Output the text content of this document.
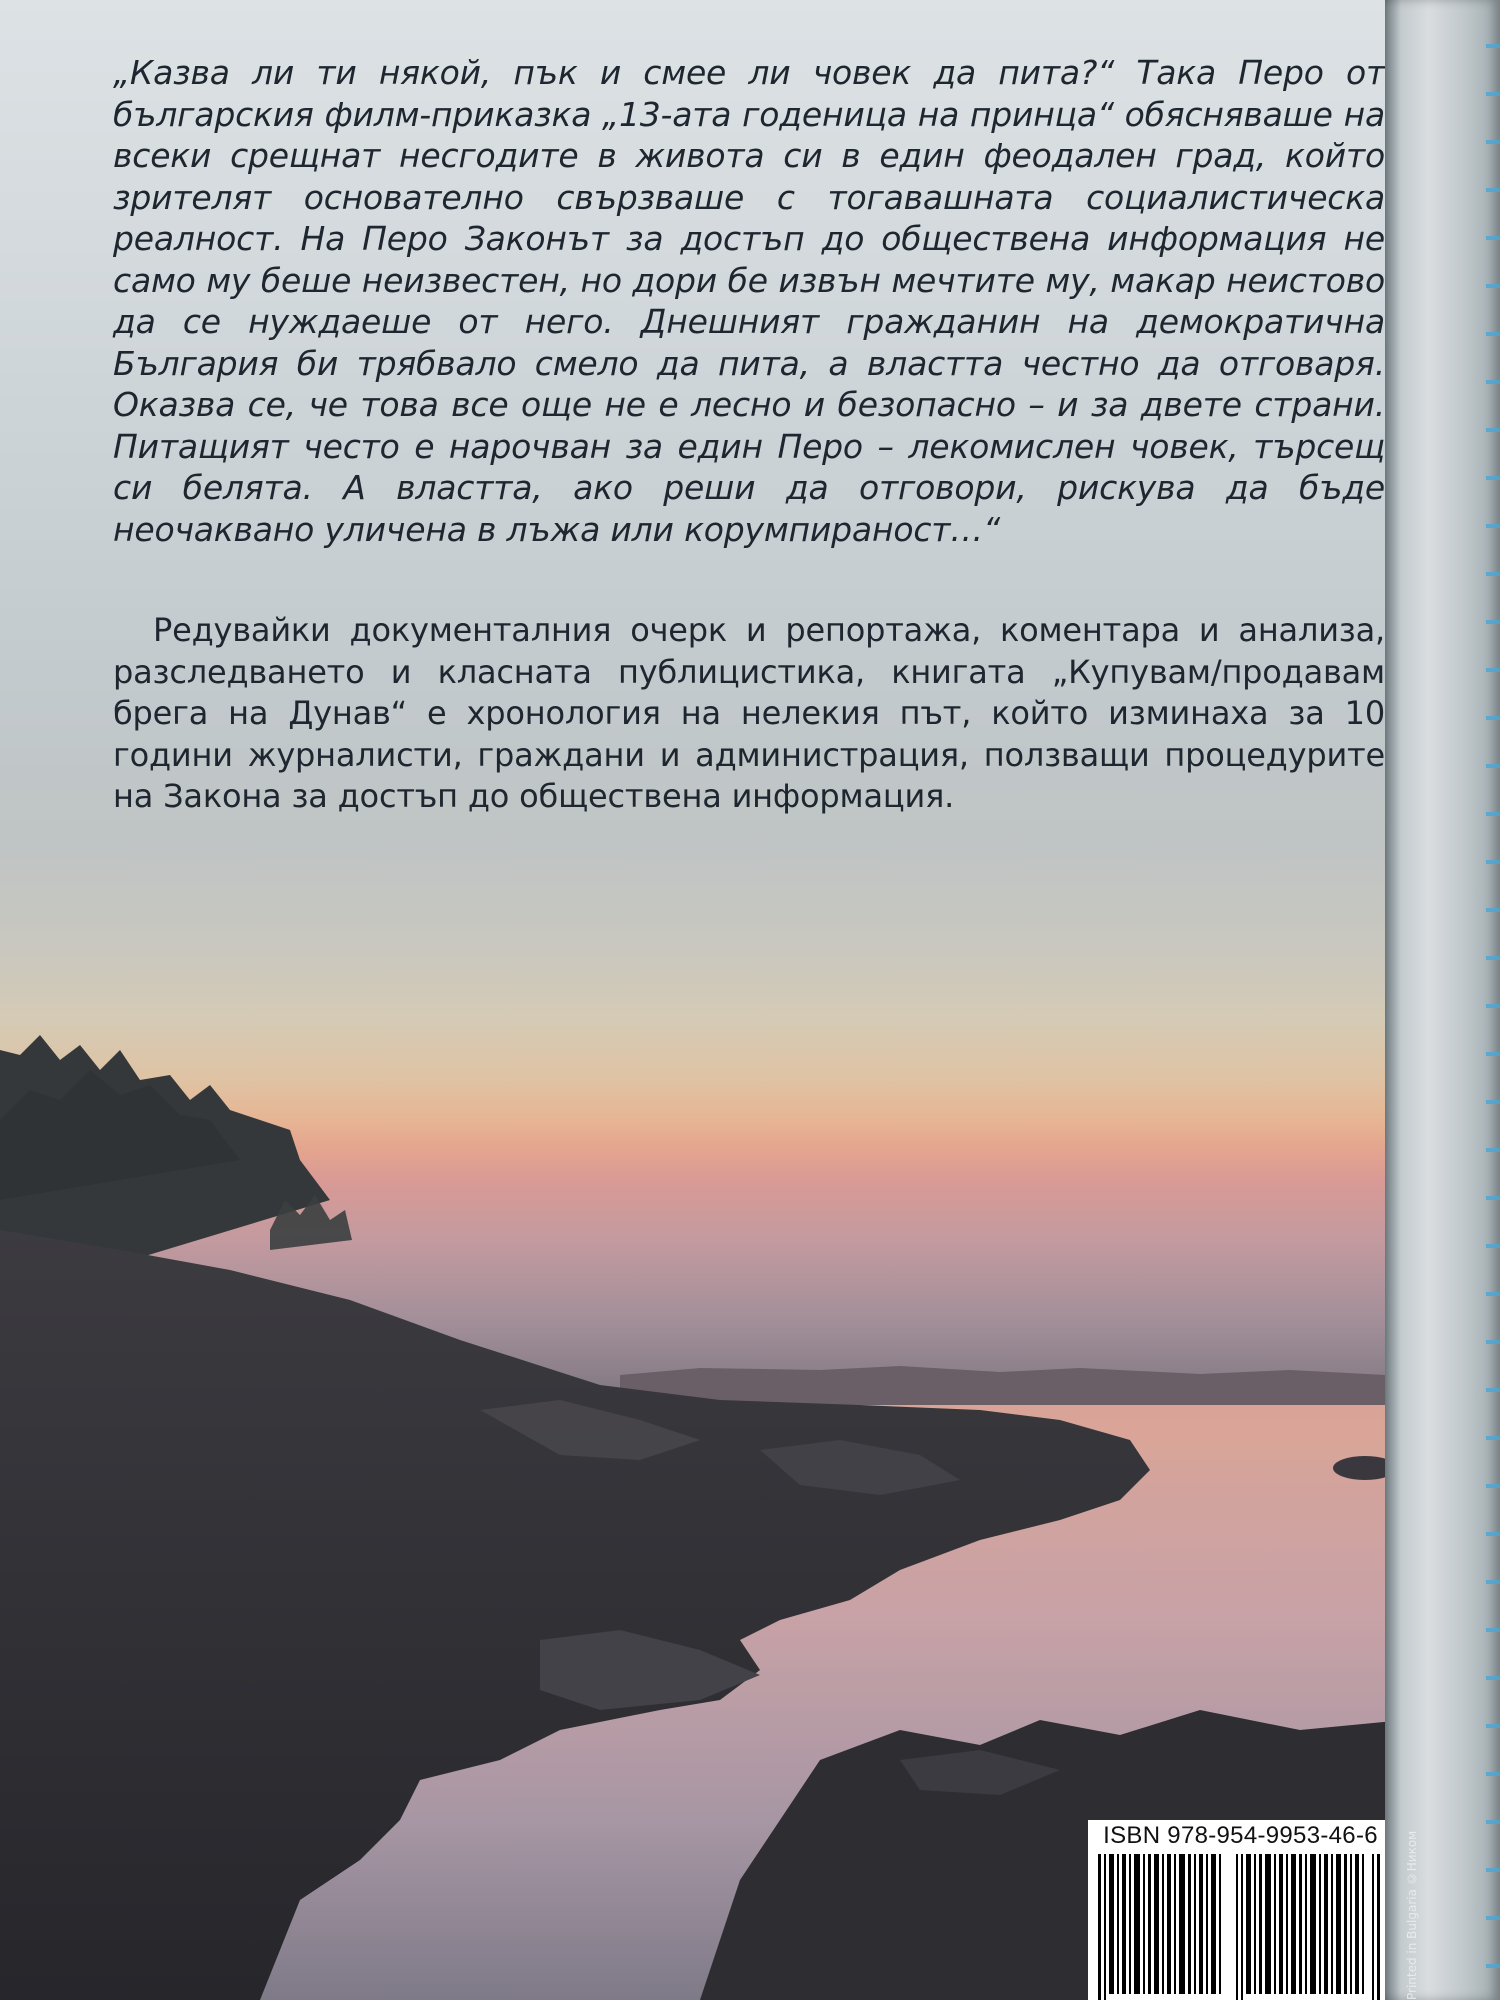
„Казва ли ти някой, пък и смее ли човек да пита?“ Така Перо от българския филм-приказка „13-ата годеница на принца“ обясняваше на всеки срещнат несгодите в живота си в един феодален град, който зрителят основателно свързваше с тогавашната социалистическа реалност. На Перо Законът за достъп до обществена информация не само му беше неизвестен, но дори бе извън мечтите му, макар неистово да се нуждаеше от него. Днешният гражданин на демократична България би трябвало смело да пита, а властта честно да отговаря. Оказва се, че това все още не е лесно и безопасно – и за двете страни. Питащият често е нарочван за един Перо – лекомислен човек, търсещ си белята. А властта, ако реши да отговори, рискува да бъде неочаквано уличена в лъжа или корумпираност…“

Редувайки документалния очерк и репортажа, коментара и анализа, разследването и класната публицистика, книгата „Купувам/продавам брега на Дунав“ е хронология на нелекия път, който изминаха за 10 години журналисти, граждани и администрация, ползващи процедурите на Закона за достъп до обществена информация.

ISBN 978-954-9953-46-6	Printed in Bulgaria ©Ником
